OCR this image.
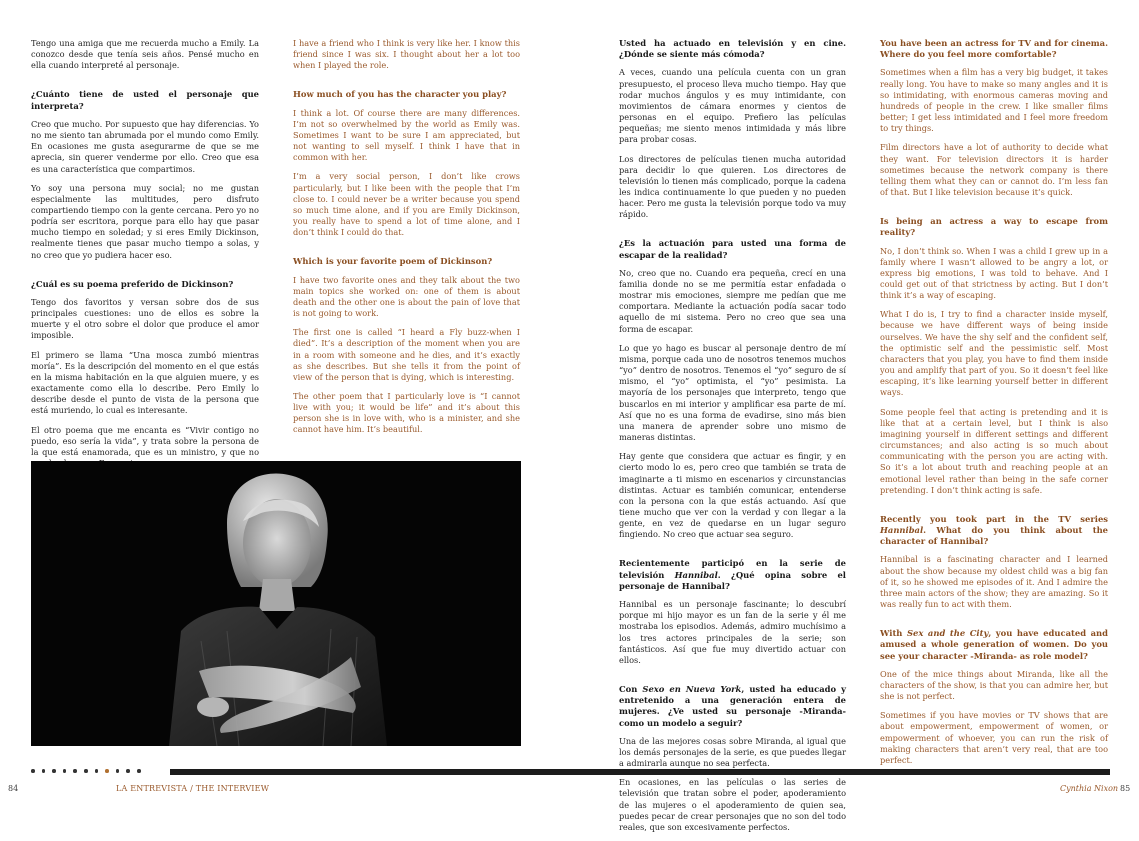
Tengo una amiga que me recuerda mucho a Emily. La conozco desde que tenía seis años. Pensé mucho en ella cuando interpreté al personaje.

¿Cuánto tiene de usted el personaje que interpreta?

Creo que mucho. Por supuesto que hay diferencias. Yo no me siento tan abrumada por el mundo como Emily. En ocasiones me gusta asegurarme de que se me aprecia, sin querer venderme por ello. Creo que esa es una característica que compartimos.

Yo soy una persona muy social; no me gustan especialmente las multitudes, pero disfruto compartiendo tiempo con la gente cercana. Pero yo no podría ser escritora, porque para ello hay que pasar mucho tiempo en soledad; y si eres Emily Dickinson, realmente tienes que pasar mucho tiempo a solas, y no creo que yo pudiera hacer eso.

¿Cuál es su poema preferido de Dickinson?

Tengo dos favoritos y versan sobre dos de sus principales cuestiones: uno de ellos es sobre la muerte y el otro sobre el dolor que produce el amor imposible.

El primero se llama “Una mosca zumbó mientras moría”. Es la descripción del momento en el que estás en la misma habitación en la que alguien muere, y es exactamente como ella lo describe. Pero Emily lo describe desde el punto de vista de la persona que está muriendo, lo cual es interesante.

El otro poema que me encanta es “Vivir contigo no puedo, eso sería la vida”, y trata sobre la persona de la que está enamorada, que es un ministro, y que no

I have a friend who I think is very like her. I know this friend since I was six. I thought about her a lot too when I played the role.

How much of you has the character you play?

I think a lot. Of course there are many differences. I’m not so overwhelmed by the world as Emily was. Sometimes I want to be sure I am appreciated, but not wanting to sell myself. I think I have that in common with her.

I’m a very social person, I don’t like crows particularly, but I like been with the people that I’m close to. I could never be a writer because you spend so much time alone, and if you are Emily Dickinson, you really have to spend a lot of time alone, and I don’t think I could do that.

Which is your favorite poem of Dickinson?

I have two favorite ones and they talk about the two main topics she worked on: one of them is about death and the other one is about the pain of love that is not going to work.

The first one is called “I heard a Fly buzz-when I died”. It’s a description of the moment when you are in a room with someone and he dies, and it’s exactly as she describes. But she tells it from the point of view of the person that is dying, which is interesting.

The other poem that I particularly love is “I cannot live with you; it would be life” and it’s about this person she is in love with, who is a minister, and she cannot have him. It’s beautiful.

Usted ha actuado en televisión y en cine. ¿Dónde se siente más cómoda?

A veces, cuando una película cuenta con un gran presupuesto, el proceso lleva mucho tiempo. Hay que rodar muchos ángulos y es muy intimidante, con movimientos de cámara enormes y cientos de personas en el equipo. Prefiero las películas pequeñas; me siento menos intimidada y más libre para probar cosas.

Los directores de películas tienen mucha autoridad para decidir lo que quieren. Los directores de televisión lo tienen más complicado, porque la cadena les indica continuamente lo que pueden y no pueden hacer. Pero me gusta la televisión porque todo va muy rápido.

¿Es la actuación para usted una forma de escapar de la realidad?

No, creo que no. Cuando era pequeña, crecí en una familia donde no se me permitía estar enfadada o mostrar mis emociones, siempre me pedían que me comportara. Mediante la actuación podía sacar todo aquello de mi sistema. Pero no creo que sea una forma de escapar.

Lo que yo hago es buscar al personaje dentro de mí misma, porque cada uno de nosotros tenemos muchos “yo” dentro de nosotros. Tenemos el “yo” seguro de sí mismo, el “yo” optimista, el “yo” pesimista. La mayoría de los personajes que interpreto, tengo que buscarlos en mi interior y amplificar esa parte de mí. Así que no es una forma de evadirse, sino más bien una manera de aprender sobre uno mismo de maneras distintas.

Hay gente que considera que actuar es fingir, y en cierto modo lo es, pero creo que también se trata de imaginarte a ti mismo en escenarios y circunstancias distintas. Actuar es también comunicar, entenderse con la persona con la que estás actuando. Así que tiene mucho que ver con la verdad y con llegar a la gente, en vez de quedarse en un lugar seguro fingiendo. No creo que actuar sea seguro.

Recientemente participó en la serie de televisión Hannibal. ¿Qué opina sobre el personaje de Hannibal?

Hannibal es un personaje fascinante; lo descubrí porque mi hijo mayor es un fan de la serie y él me mostraba los episodios. Además, admiro muchísimo a los tres actores principales de la serie; son fantásticos. Así que fue muy divertido actuar con ellos.

Con Sexo en Nueva York, usted ha educado y entretenido a una generación entera de mujeres. ¿Ve usted su personaje -Miranda- como un modelo a seguir?

Una de las mejores cosas sobre Miranda, al igual que los demás personajes de la serie, es que puedes llegar a admirarla aunque no sea perfecta.

En ocasiones, en las películas o las series de televisión que tratan sobre el poder, apoderamiento de las mujeres o el apoderamiento de quien sea, puedes pecar de crear personajes que no son del todo reales, que son excesivamente perfectos.

You have been an actress for TV and for cinema. Where do you feel more comfortable?

Sometimes when a film has a very big budget, it takes really long. You have to make so many angles and it is so intimidating, with enormous cameras moving and hundreds of people in the crew. I like smaller films better; I get less intimidated and I feel more freedom to try things.

Film directors have a lot of authority to decide what they want. For television directors it is harder sometimes because the network company is there telling them what they can or cannot do. I’m less fan of that. But I like television because it’s quick.

Is being an actress a way to escape from reality?

No, I don’t think so. When I was a child I grew up in a family where I wasn’t allowed to be angry a lot, or express big emotions, I was told to behave. And I could get out of that strictness by acting. But I don’t think it’s a way of escaping.

What I do is, I try to find a character inside myself, because we have different ways of being inside ourselves. We have the shy self and the confident self, the optimistic self and the pessimistic self. Most characters that you play, you have to find them inside you and amplify that part of you. So it doesn’t feel like escaping, it’s like learning yourself better in different ways.

Some people feel that acting is pretending and it is like that at a certain level, but I think is also imagining yourself in different settings and different circumstances; and also acting is so much about communicating with the person you are acting with. So it’s a lot about truth and reaching people at an emotional level rather than being in the safe corner pretending. I don’t think acting is safe.

Recently you took part in the TV series Hannibal. What do you think about the character of Hannibal?

Hannibal is a fascinating character and I learned about the show because my oldest child was a big fan of it, so he showed me episodes of it. And I admire the three main actors of the show; they are amazing. So it was really fun to act with them.

With Sex and the City, you have educated and amused a whole generation of women. Do you see your character -Miranda- as role model?

One of the mice things about Miranda, like all the characters of the show, is that you can admire her, but she is not perfect.

Sometimes if you have movies or TV shows that are about empowerment, empowerment of women, or empowerment of whoever, you can run the risk of making characters that aren’t very real, that are too perfect.

84	LA ENTREVISTA / THE INTERVIEW	Cynthia Nixon 85
